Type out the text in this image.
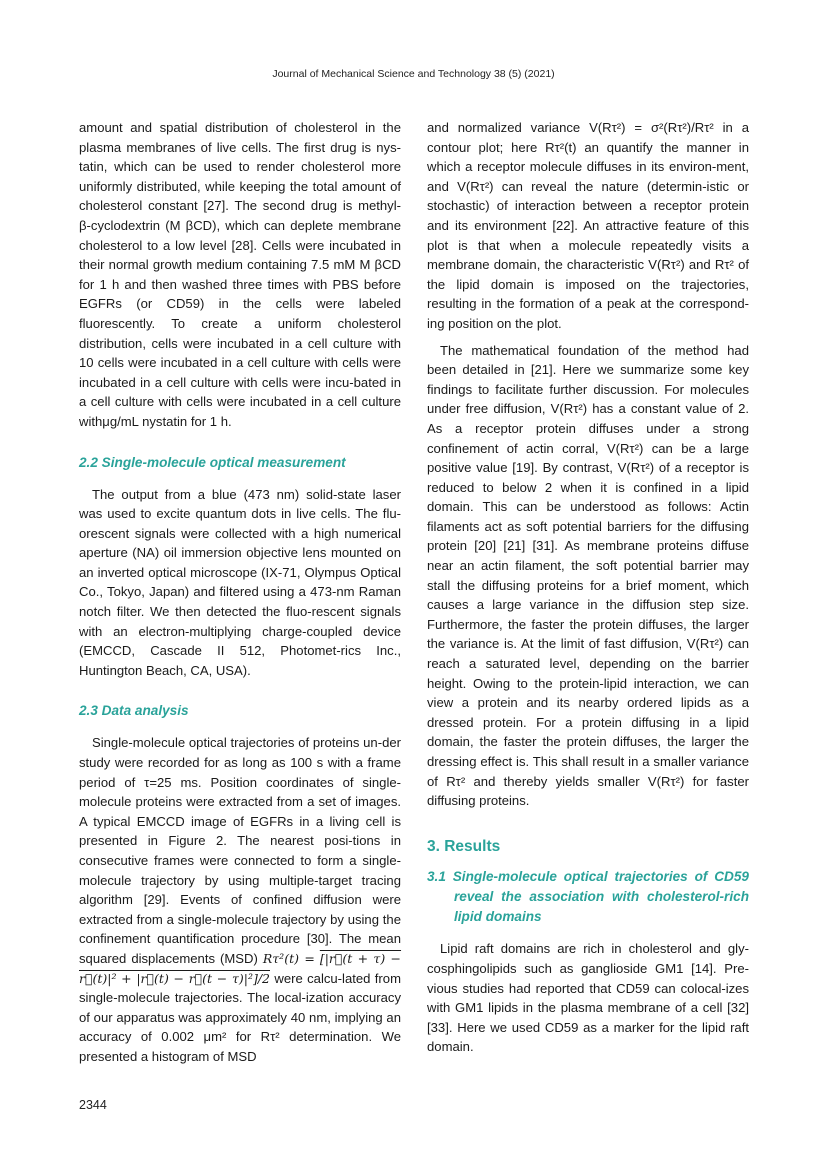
Journal of Mechanical Science and Technology 38 (5) (2021)

amount and spatial distribution of cholesterol in the plasma membranes of live cells. The first drug is nys-tatin, which can be used to render cholesterol more uniformly distributed, while keeping the total amount of cholesterol constant [27]. The second drug is methyl- β-cyclodextrin (M βCD), which can deplete membrane cholesterol to a low level [28]. Cells were incubated in their normal growth medium containing 7.5 mM M βCD for 1 h and then washed three times with PBS before EGFRs (or CD59) in the cells were labeled fluorescently. To create a uniform cholesterol distribution, cells were incubated in a cell culture with 10 cells were incubated in a cell culture with cells were incubated in a cell culture with cells were incu-bated in a cell culture with cells were incubated in a cell culture withμg/mL nystatin for 1 h.

2.2 Single-molecule optical measurement

The output from a blue (473 nm) solid-state laser was used to excite quantum dots in live cells. The flu-orescent signals were collected with a high numerical aperture (NA) oil immersion objective lens mounted on an inverted optical microscope (IX-71, Olympus Optical Co., Tokyo, Japan) and filtered using a 473-nm Raman notch filter. We then detected the fluo-rescent signals with an electron-multiplying charge-coupled device (EMCCD, Cascade II 512, Photomet-rics Inc., Huntington Beach, CA, USA).

2.3 Data analysis

Single-molecule optical trajectories of proteins un-der study were recorded for as long as 100 s with a frame period of τ=25 ms. Position coordinates of single-molecule proteins were extracted from a set of images. A typical EMCCD image of EGFRs in a living cell is presented in Figure 2. The nearest posi-tions in consecutive frames were connected to form a single-molecule trajectory by using multiple-target tracing algorithm [29]. Events of confined diffusion were extracted from a single-molecule trajectory by using the confinement quantification procedure [30]. The mean squared displacements (MSD) Rτ²(t) = [|r⃗(t + τ) − r⃗(t)|² + |r⃗(t) − r⃗(t − τ)|²]/2 were calcu-lated from single-molecule trajectories. The local-ization accuracy of our apparatus was approximately 40 nm, implying an accuracy of 0.002 μm² for Rτ² determination. We presented a histogram of MSD

and normalized variance V(Rτ²) = σ²(Rτ²)/Rτ² in a contour plot; here Rτ²(t) an quantify the manner in which a receptor molecule diffuses in its environ-ment, and V(Rτ²) can reveal the nature (determin-istic or stochastic) of interaction between a receptor protein and its environment [22]. An attractive feature of this plot is that when a molecule repeatedly visits a membrane domain, the characteristic V(Rτ²) and Rτ² of the lipid domain is imposed on the trajectories, resulting in the formation of a peak at the correspond-ing position on the plot.

The mathematical foundation of the method had been detailed in [21]. Here we summarize some key findings to facilitate further discussion. For molecules under free diffusion, V(Rτ²) has a constant value of 2. As a receptor protein diffuses under a strong confinement of actin corral, V(Rτ²) can be a large positive value [19]. By contrast, V(Rτ²) of a receptor is reduced to below 2 when it is confined in a lipid domain. This can be understood as follows: Actin filaments act as soft potential barriers for the diffusing protein [20] [21] [31]. As membrane proteins diffuse near an actin filament, the soft potential barrier may stall the diffusing proteins for a brief moment, which causes a large variance in the diffusion step size. Furthermore, the faster the protein diffuses, the larger the variance is. At the limit of fast diffusion, V(Rτ²) can reach a saturated level, depending on the barrier height. Owing to the protein-lipid interaction, we can view a protein and its nearby ordered lipids as a dressed protein. For a protein diffusing in a lipid domain, the faster the protein diffuses, the larger the dressing effect is. This shall result in a smaller variance of Rτ² and thereby yields smaller V(Rτ²) for faster diffusing proteins.

3. Results
3.1 Single-molecule optical trajectories of CD59 reveal the association with cholesterol-rich lipid domains

Lipid raft domains are rich in cholesterol and gly-cosphingolipids such as ganglioside GM1 [14]. Pre-vious studies had reported that CD59 can colocal-izes with GM1 lipids in the plasma membrane of a cell [32] [33]. Here we used CD59 as a marker for the lipid raft domain.

2344
